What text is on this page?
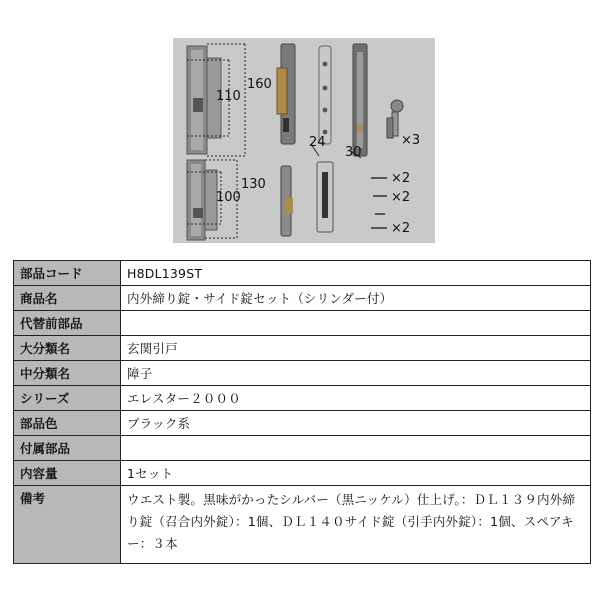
110
160
24
30
100
130
×3
×2
×2
×2
部品コード	H8DL139ST
商品名	内外締り錠・サイド錠セット（シリンダー付）
代替前部品	
大分類名	玄関引戸
中分類名	障子
シリーズ	エレスター２０００
部品色	ブラック系
付属部品	
内容量	1セット
備考	ウエスト製。黒味がかったシルバー（黒ニッケル）仕上げ。：ＤＬ１３９内外締り錠（召合内外錠）：1個、ＤＬ１４０サイド錠（引手内外錠）：1個、スペアキー：３本
